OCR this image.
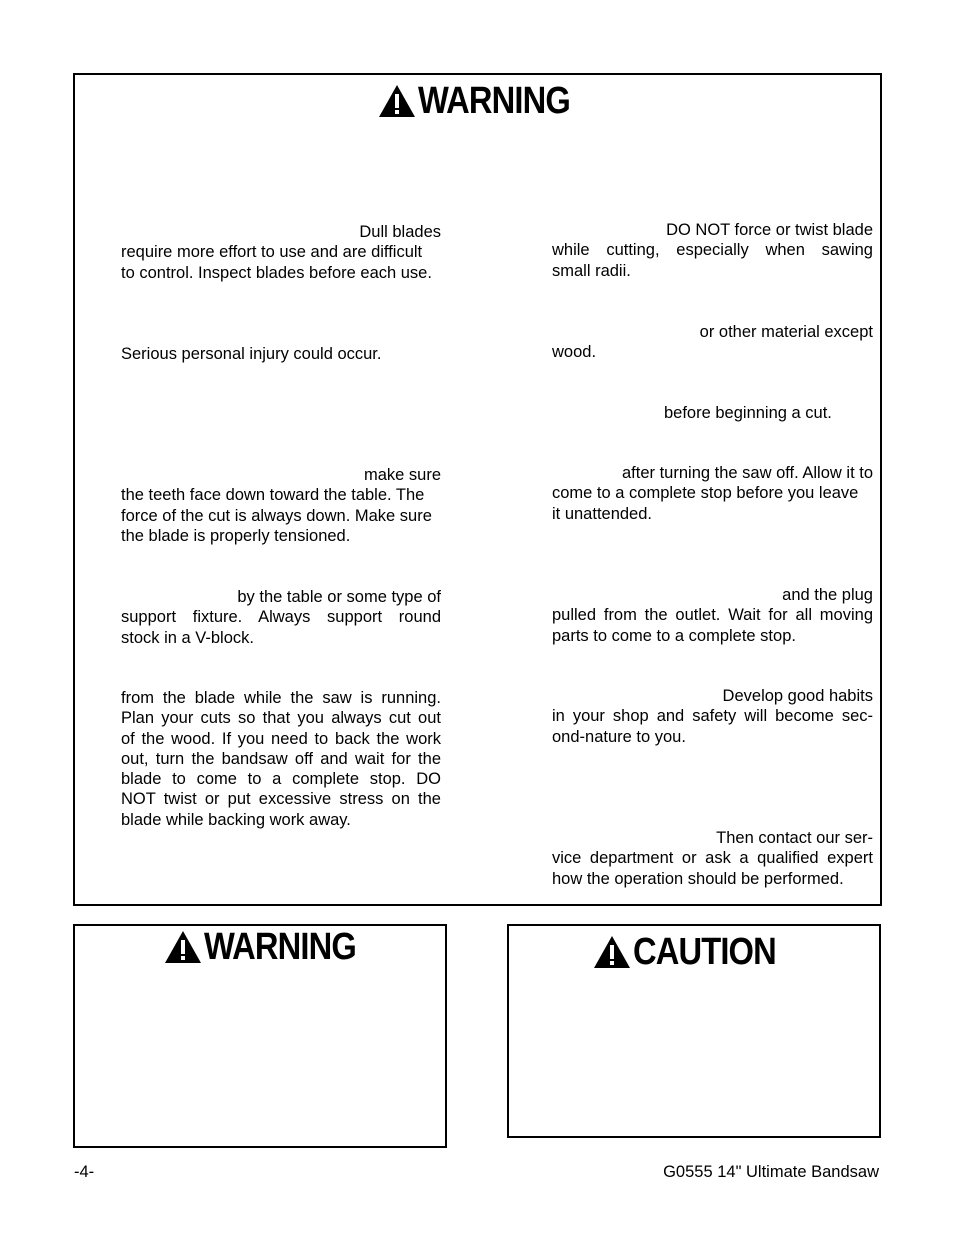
WARNING

Dull blades
require more effort to use and are difficult
to control. Inspect blades before each use.

Serious personal injury could occur.

make sure
the teeth face down toward the table. The
force of the cut is always down. Make sure
the blade is properly tensioned.

by the table or some type of
support fixture. Always support round
stock in a V-block.

from the blade while the saw is running.
Plan your cuts so that you always cut out
of the wood. If you need to back the work
out, turn the bandsaw off and wait for the
blade to come to a complete stop. DO
NOT twist or put excessive stress on the
blade while backing work away.

DO NOT force or twist blade
while cutting, especially when sawing
small radii.

or other material except
wood.

before beginning a cut.

after turning the saw off. Allow it to
come to a complete stop before you leave
it unattended.

and the plug
pulled from the outlet. Wait for all moving
parts to come to a complete stop.

Develop good habits
in your shop and safety will become sec-
ond-nature to you.

Then contact our ser-
vice department or ask a qualified expert
how the operation should be performed.

WARNING	CAUTION
-4-	G0555 14" Ultimate Bandsaw
